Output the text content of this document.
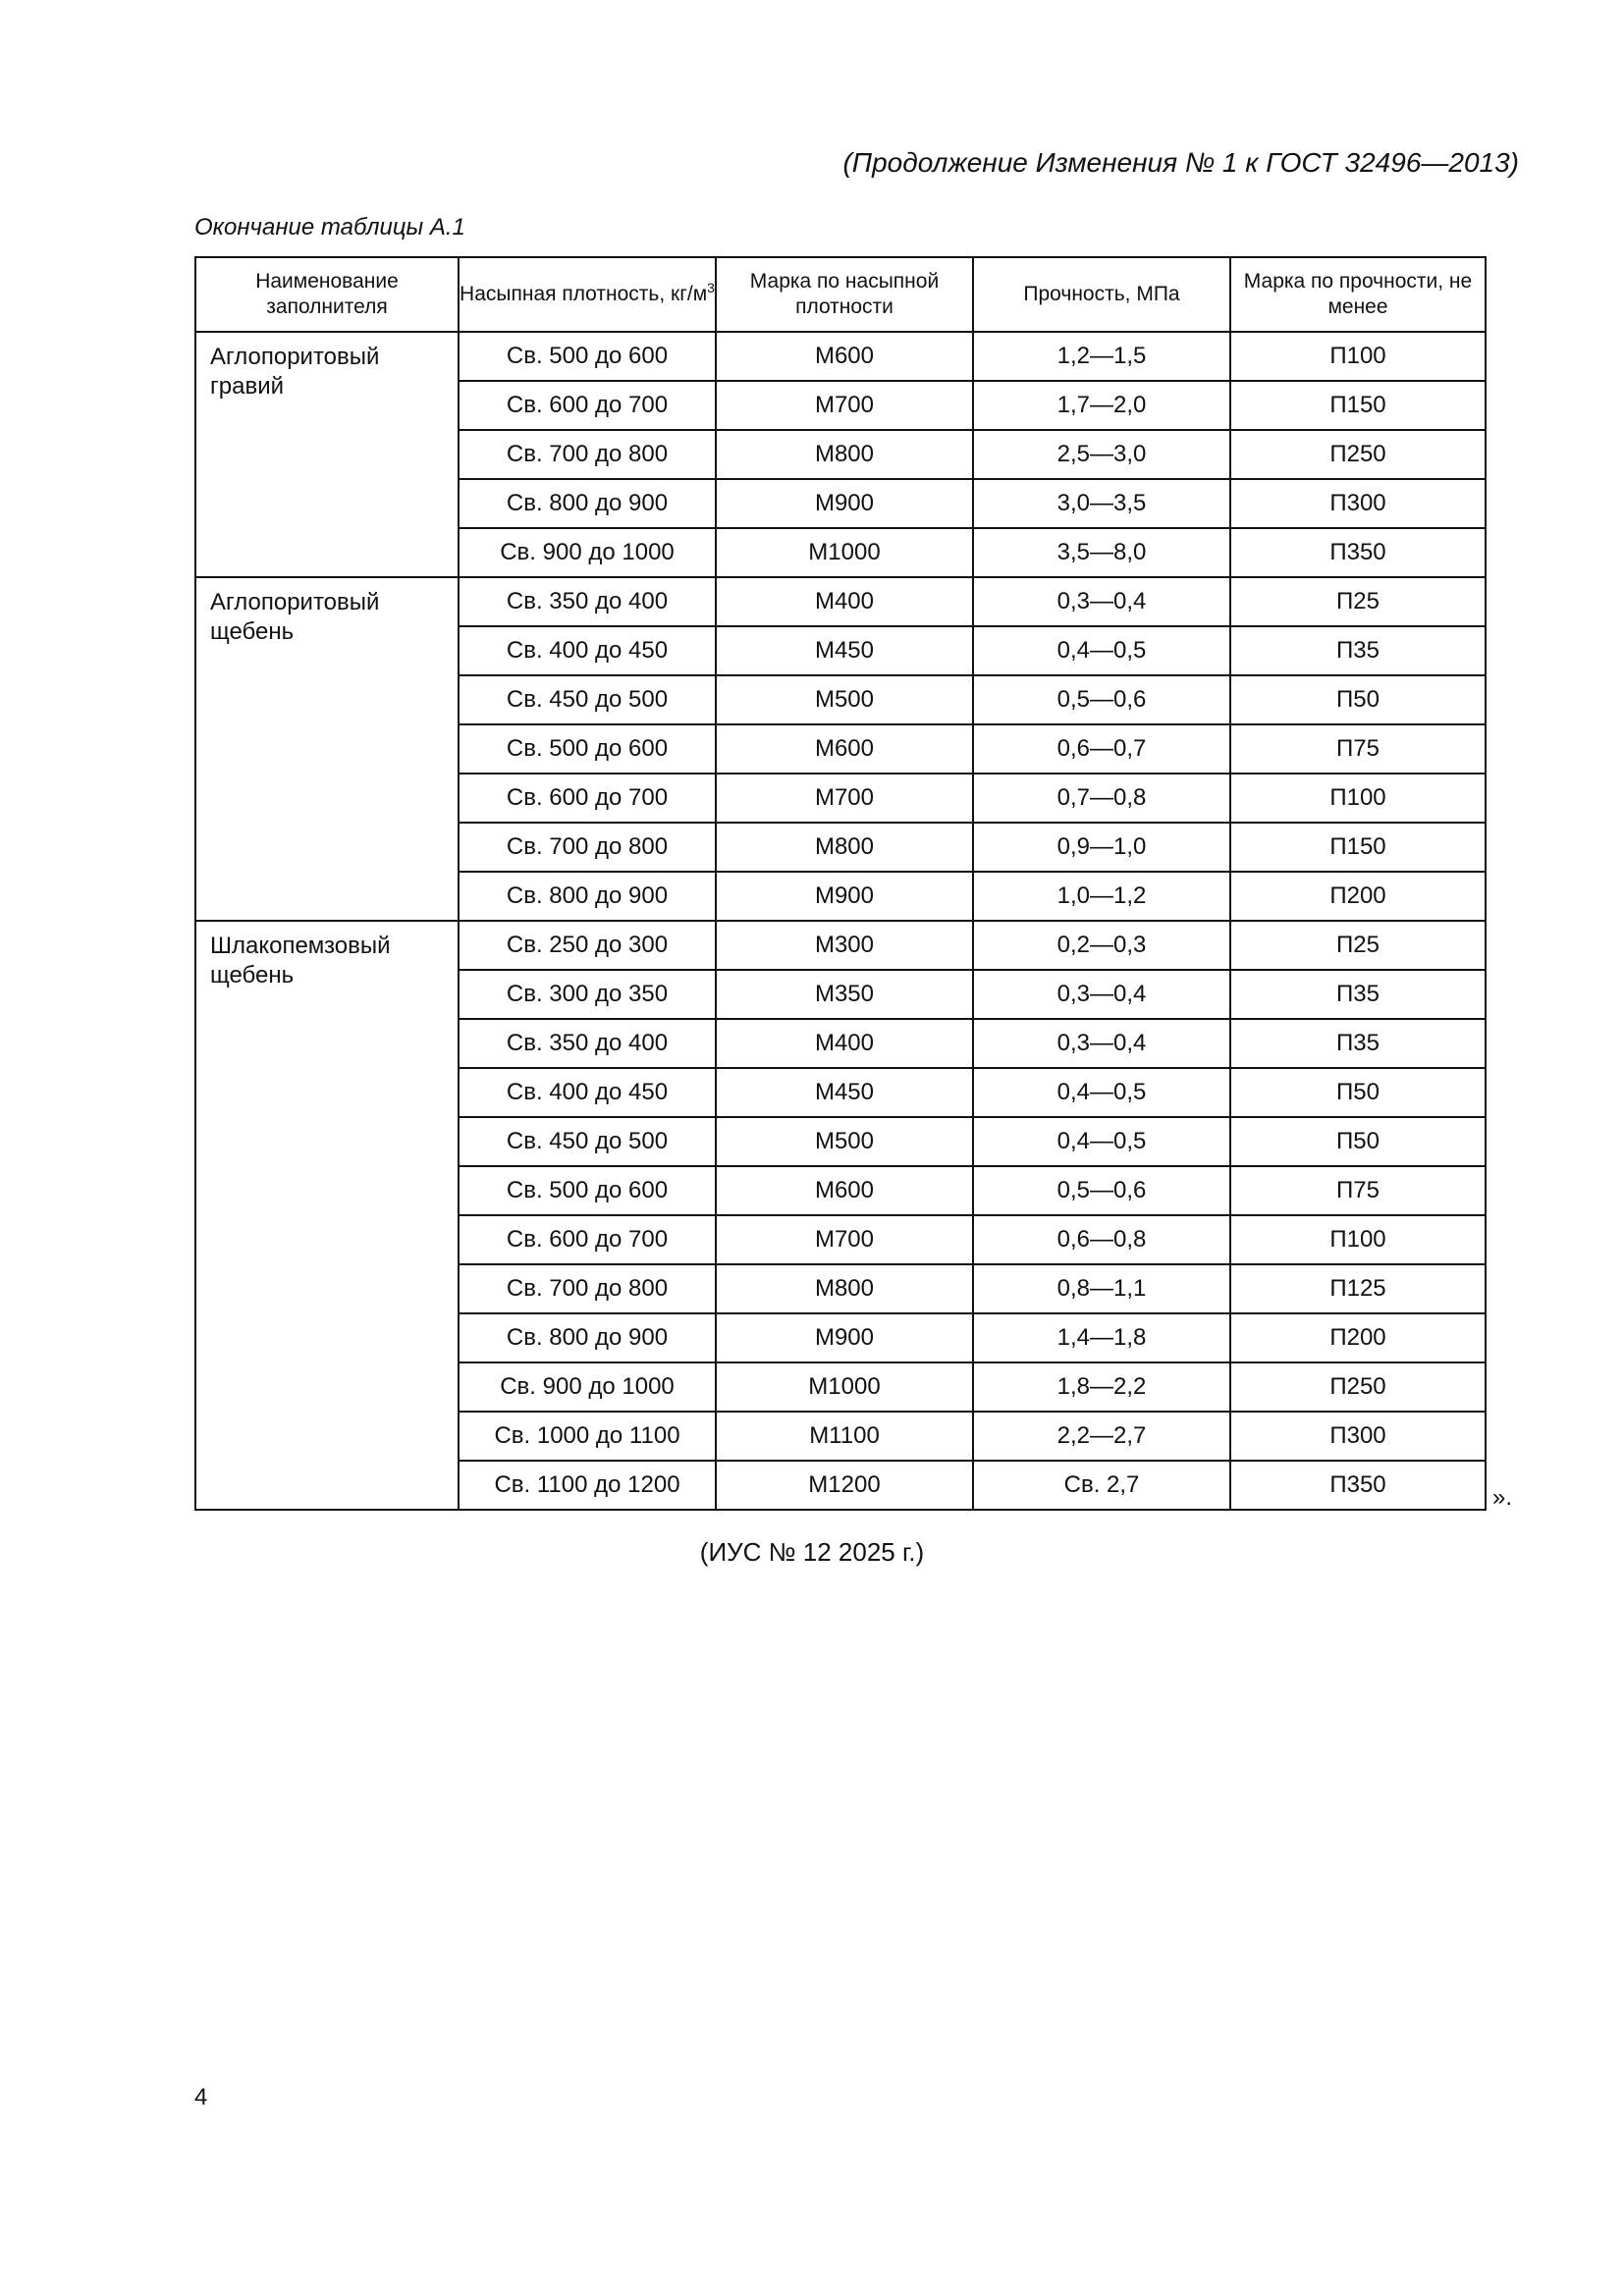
(Продолжение Изменения № 1 к ГОСТ 32496—2013)
Окончание таблицы А.1
Наименование заполнителя	Насыпная плотность, $кг/м^3$	Марка по насыпной плотности	Прочность, МПа	Марка по прочности, не менее
Аглопоритовый гравий	Св. 500 до 600	М600	1,2—1,5	П100
	Св. 600 до 700	М700	1,7—2,0	П150
	Св. 700 до 800	М800	2,5—3,0	П250
	Св. 800 до 900	М900	3,0—3,5	П300
	Св. 900 до 1000	М1000	3,5—8,0	П350
Аглопоритовый щебень	Св. 350 до 400	М400	0,3—0,4	П25
	Св. 400 до 450	М450	0,4—0,5	П35
	Св. 450 до 500	М500	0,5—0,6	П50
	Св. 500 до 600	М600	0,6—0,7	П75
	Св. 600 до 700	М700	0,7—0,8	П100
	Св. 700 до 800	М800	0,9—1,0	П150
	Св. 800 до 900	М900	1,0—1,2	П200
Шлакопемзовый щебень	Св. 250 до 300	М300	0,2—0,3	П25
	Св. 300 до 350	М350	0,3—0,4	П35
	Св. 350 до 400	М400	0,3—0,4	П35
	Св. 400 до 450	М450	0,4—0,5	П50
	Св. 450 до 500	М500	0,4—0,5	П50
	Св. 500 до 600	М600	0,5—0,6	П75
	Св. 600 до 700	М700	0,6—0,8	П100
	Св. 700 до 800	М800	0,8—1,1	П125
	Св. 800 до 900	М900	1,4—1,8	П200
	Св. 900 до 1000	М1000	1,8—2,2	П250
	Св. 1000 до 1100	М1100	2,2—2,7	П300
	Св. 1100 до 1200	М1200	Св. 2,7	П350	».
(ИУС № 12 2025 г.)
4
